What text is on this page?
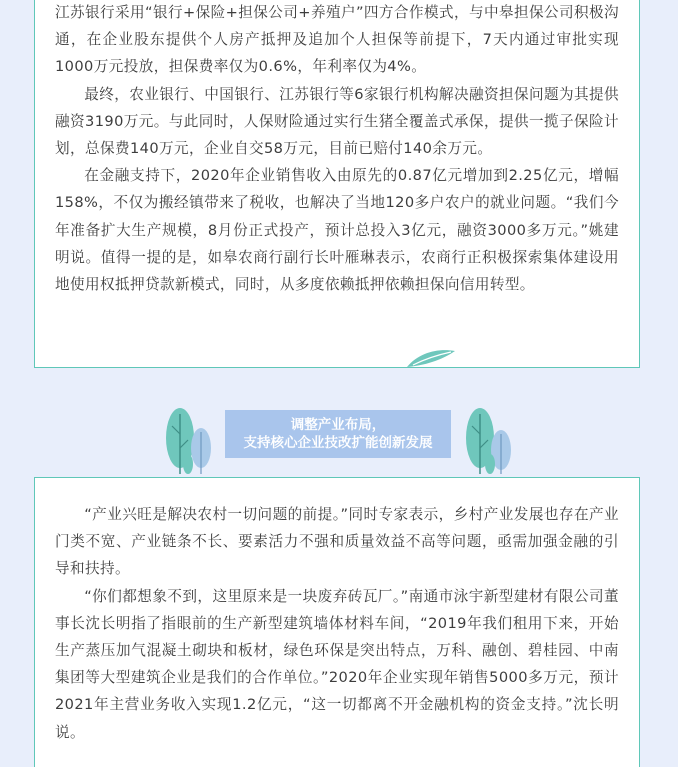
江苏银行采用“银行+保险+担保公司+养殖户”四方合作模式，与中皋担保公司积极沟通，在企业股东提供个人房产抵押及追加个人担保等前提下，7天内通过审批实现1000万元投放，担保费率仅为0.6%，年利率仅为4%。

最终，农业银行、中国银行、江苏银行等6家银行机构解决融资担保问题为其提供融资3190万元。与此同时，人保财险通过实行生猪全覆盖式承保，提供一揽子保险计划，总保费140万元，企业自交58万元，目前已赔付140余万元。

在金融支持下，2020年企业销售收入由原先的0.87亿元增加到2.25亿元，增幅158%，不仅为搬经镇带来了税收，也解决了当地120多户农户的就业问题。“我们今年准备扩大生产规模，8月份正式投产，预计总投入3亿元，融资3000多万元。”姚建明说。值得一提的是，如皋农商行副行长叶雁琳表示，农商行正积极探索集体建设用地使用权抵押贷款新模式，同时，从多度依赖抵押依赖担保向信用转型。

调整产业布局，
支持核心企业技改扩能创新发展

“产业兴旺是解决农村一切问题的前提。”同时专家表示，乡村产业发展也存在产业门类不宽、产业链条不长、要素活力不强和质量效益不高等问题，亟需加强金融的引导和扶持。

“你们都想象不到，这里原来是一块废弃砖瓦厂。”南通市泳宇新型建材有限公司董事长沈长明指了指眼前的生产新型建筑墙体材料车间，“2019年我们租用下来，开始生产蒸压加气混凝土砌块和板材，绿色环保是突出特点，万科、融创、碧桂园、中南集团等大型建筑企业是我们的合作单位。”2020年企业实现年销售5000多万元，预计2021年主营业务收入实现1.2亿元，“这一切都离不开金融机构的资金支持。”沈长明说。
